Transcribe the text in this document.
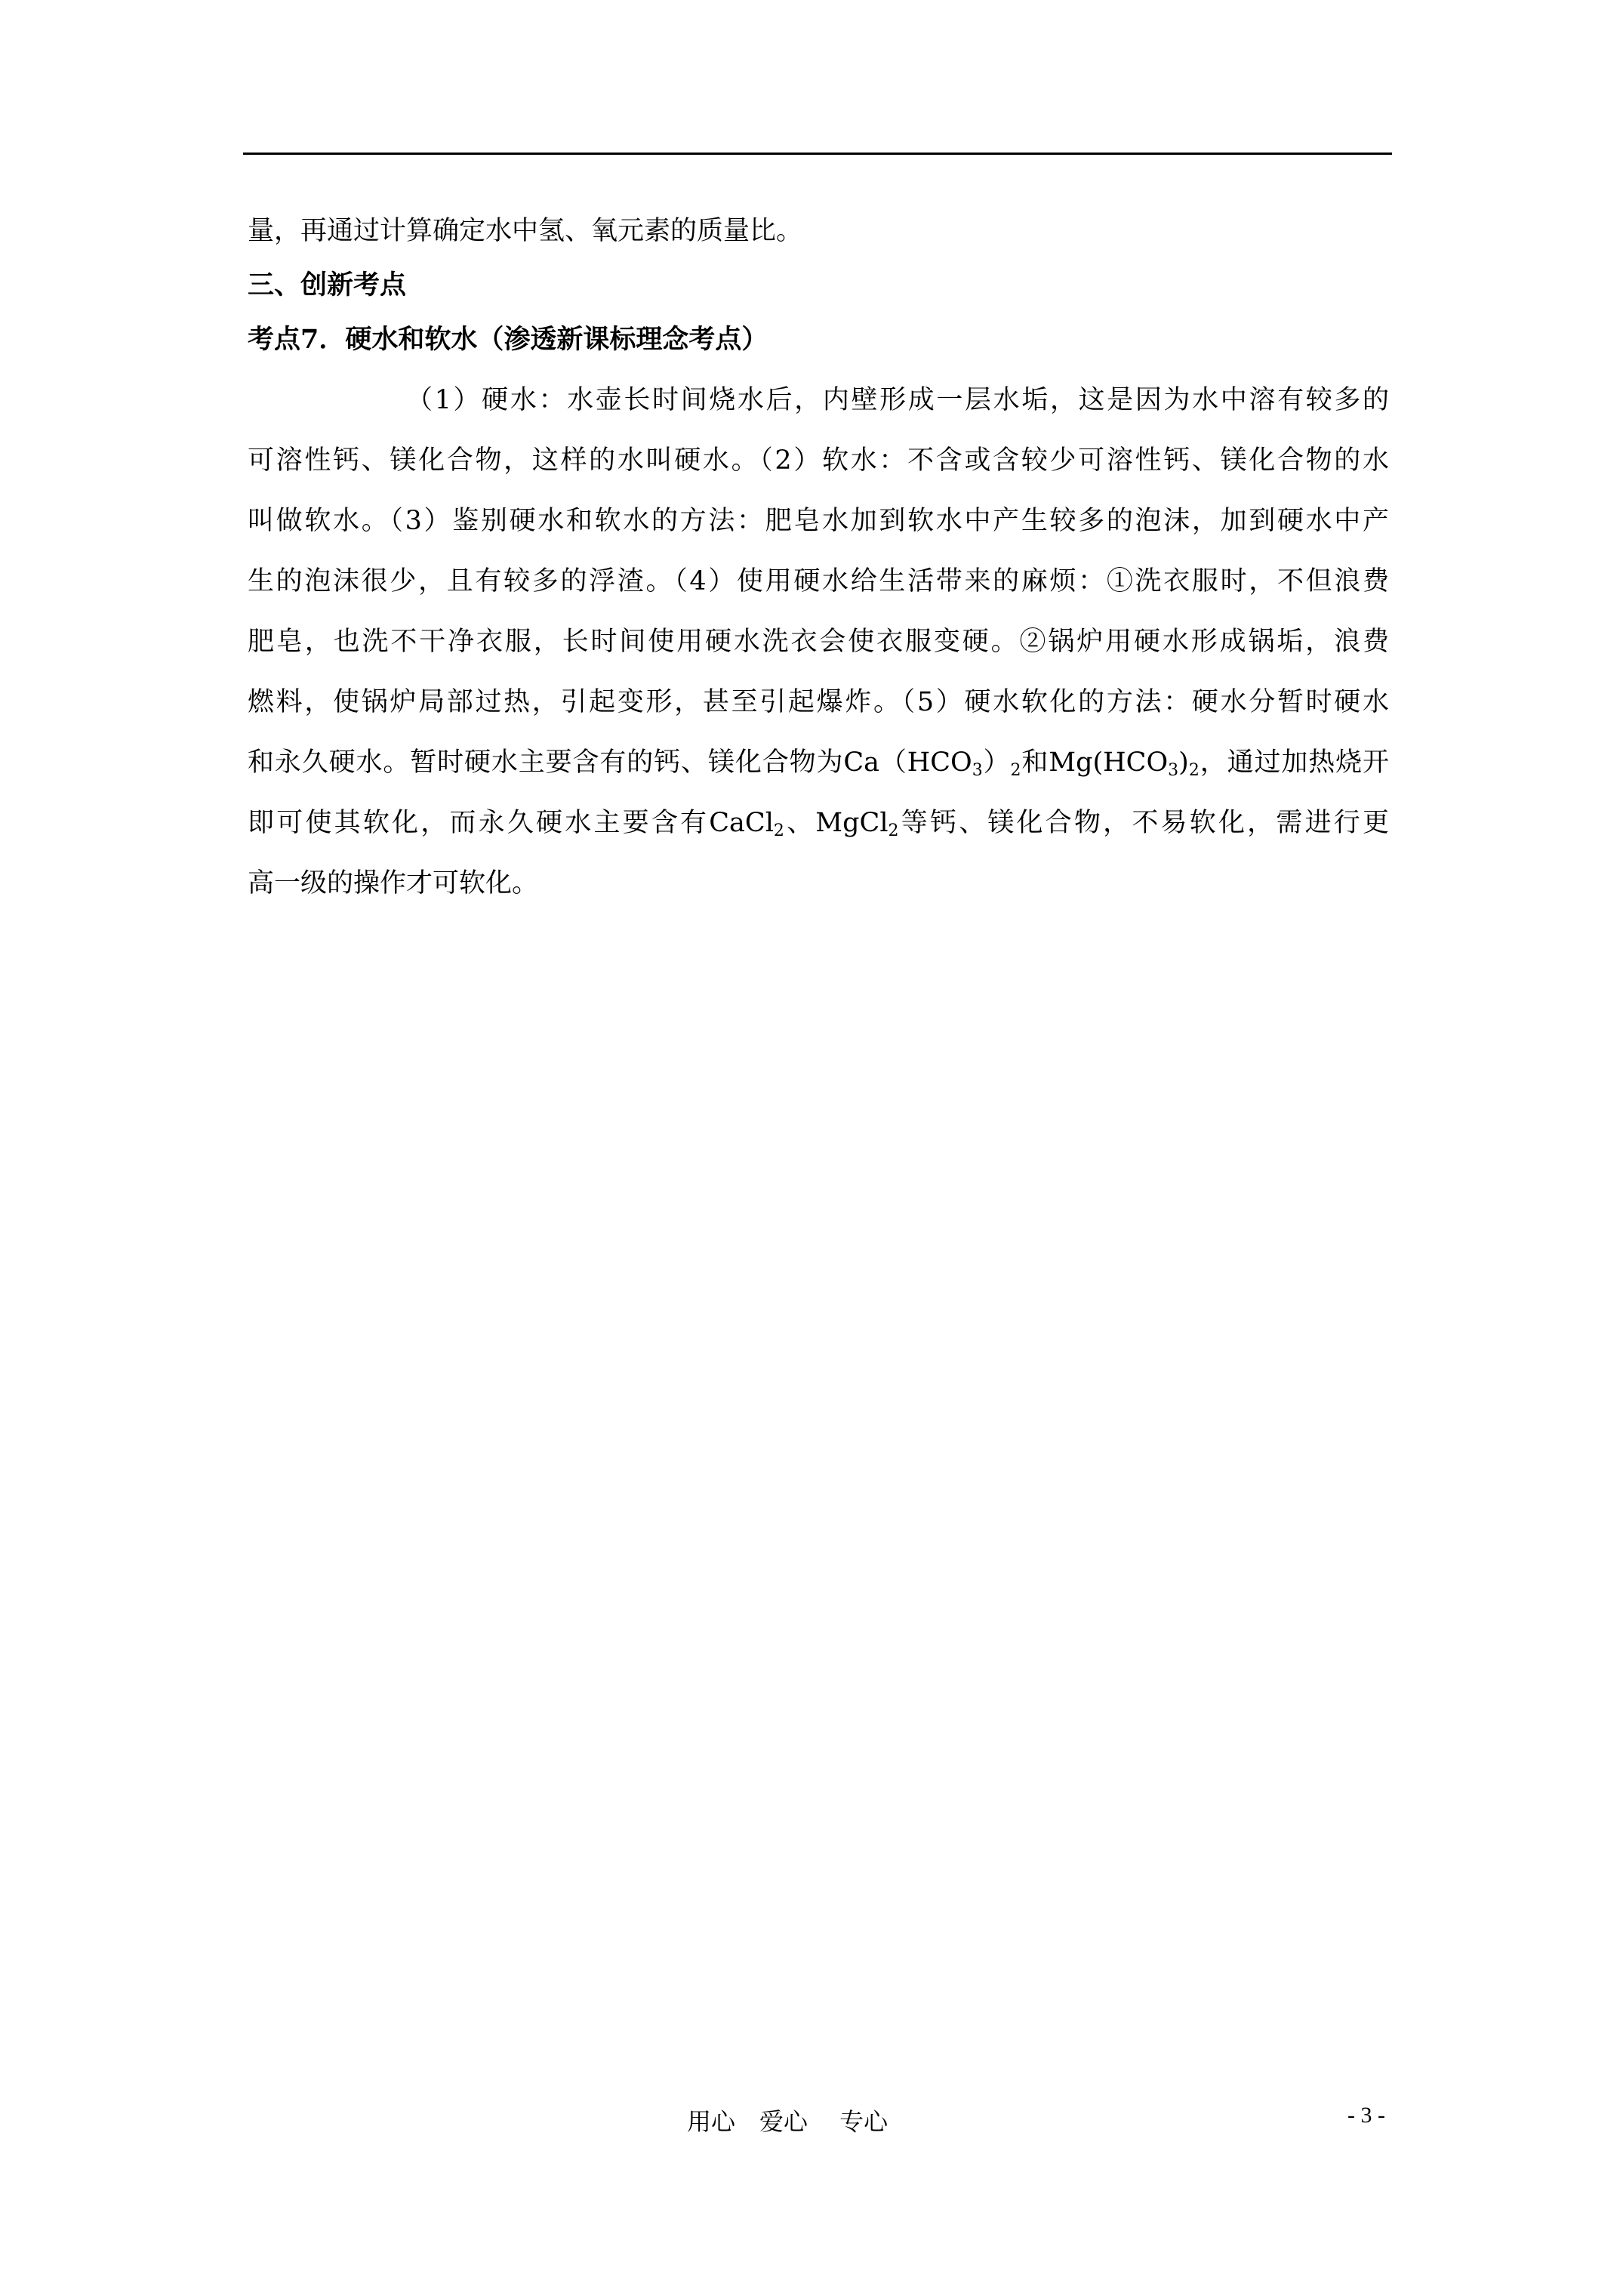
量，再通过计算确定水中氢、氧元素的质量比。
三、创新考点
考点7．硬水和软水（渗透新课标理念考点）
（1）硬水：水壶长时间烧水后，内壁形成一层水垢，这是因为水中溶有较多的
可溶性钙、镁化合物，这样的水叫硬水。（2）软水：不含或含较少可溶性钙、镁化合物的水
叫做软水。（3）鉴别硬水和软水的方法：肥皂水加到软水中产生较多的泡沫，加到硬水中产
生的泡沫很少，且有较多的浮渣。（4）使用硬水给生活带来的麻烦：①洗衣服时，不但浪费
肥皂，也洗不干净衣服，长时间使用硬水洗衣会使衣服变硬。②锅炉用硬水形成锅垢，浪费
燃料，使锅炉局部过热，引起变形，甚至引起爆炸。（5）硬水软化的方法：硬水分暂时硬水
和永久硬水。暂时硬水主要含有的钙、镁化合物为$Ca(HCO_3)_2$和$Mg(HCO_3)_2$，通过加热烧开
即可使其软化，而永久硬水主要含有CaCl$_2$、MgCl$_2$等钙、镁化合物，不易软化，需进行更
高一级的操作才可软化。
用心　爱心　 专心	- 3 -
